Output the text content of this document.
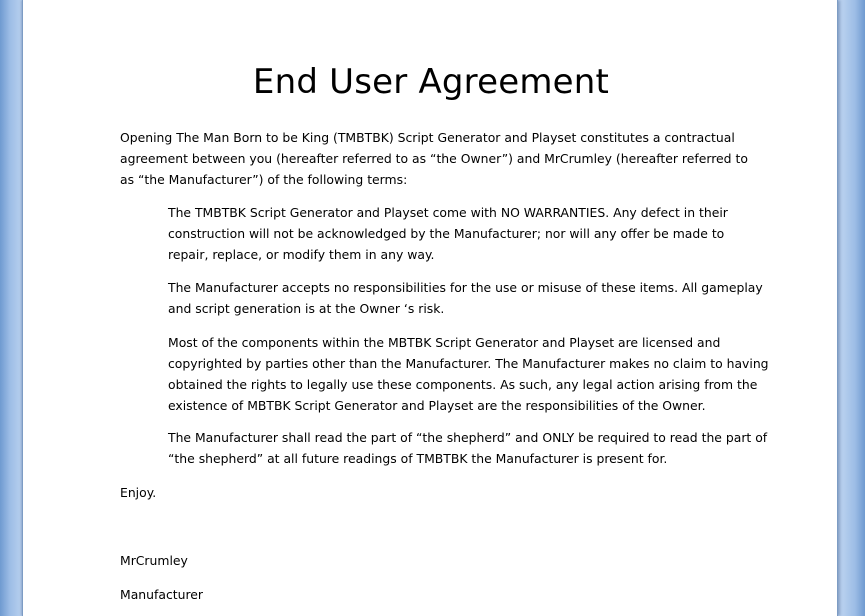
End User Agreement
Opening The Man Born to be King (TMBTBK) Script Generator and Playset constitutes a contractual agreement between you (hereafter referred to as “the Owner”) and MrCrumley (hereafter referred to as “the Manufacturer”) of the following terms:
The TMBTBK Script Generator and Playset come with NO WARRANTIES. Any defect in their construction will not be acknowledged by the Manufacturer; nor will any offer be made to repair, replace, or modify them in any way.
The Manufacturer accepts no responsibilities for the use or misuse of these items. All gameplay and script generation is at the Owner ‘s risk.
Most of the components within the MBTBK Script Generator and Playset are licensed and copyrighted by parties other than the Manufacturer. The Manufacturer makes no claim to having obtained the rights to legally use these components. As such, any legal action arising from the existence of MBTBK Script Generator and Playset are the responsibilities of the Owner.
The Manufacturer shall read the part of “the shepherd” and ONLY be required to read the part of “the shepherd” at all future readings of TMBTBK the Manufacturer is present for.
Enjoy.
MrCrumley
Manufacturer
